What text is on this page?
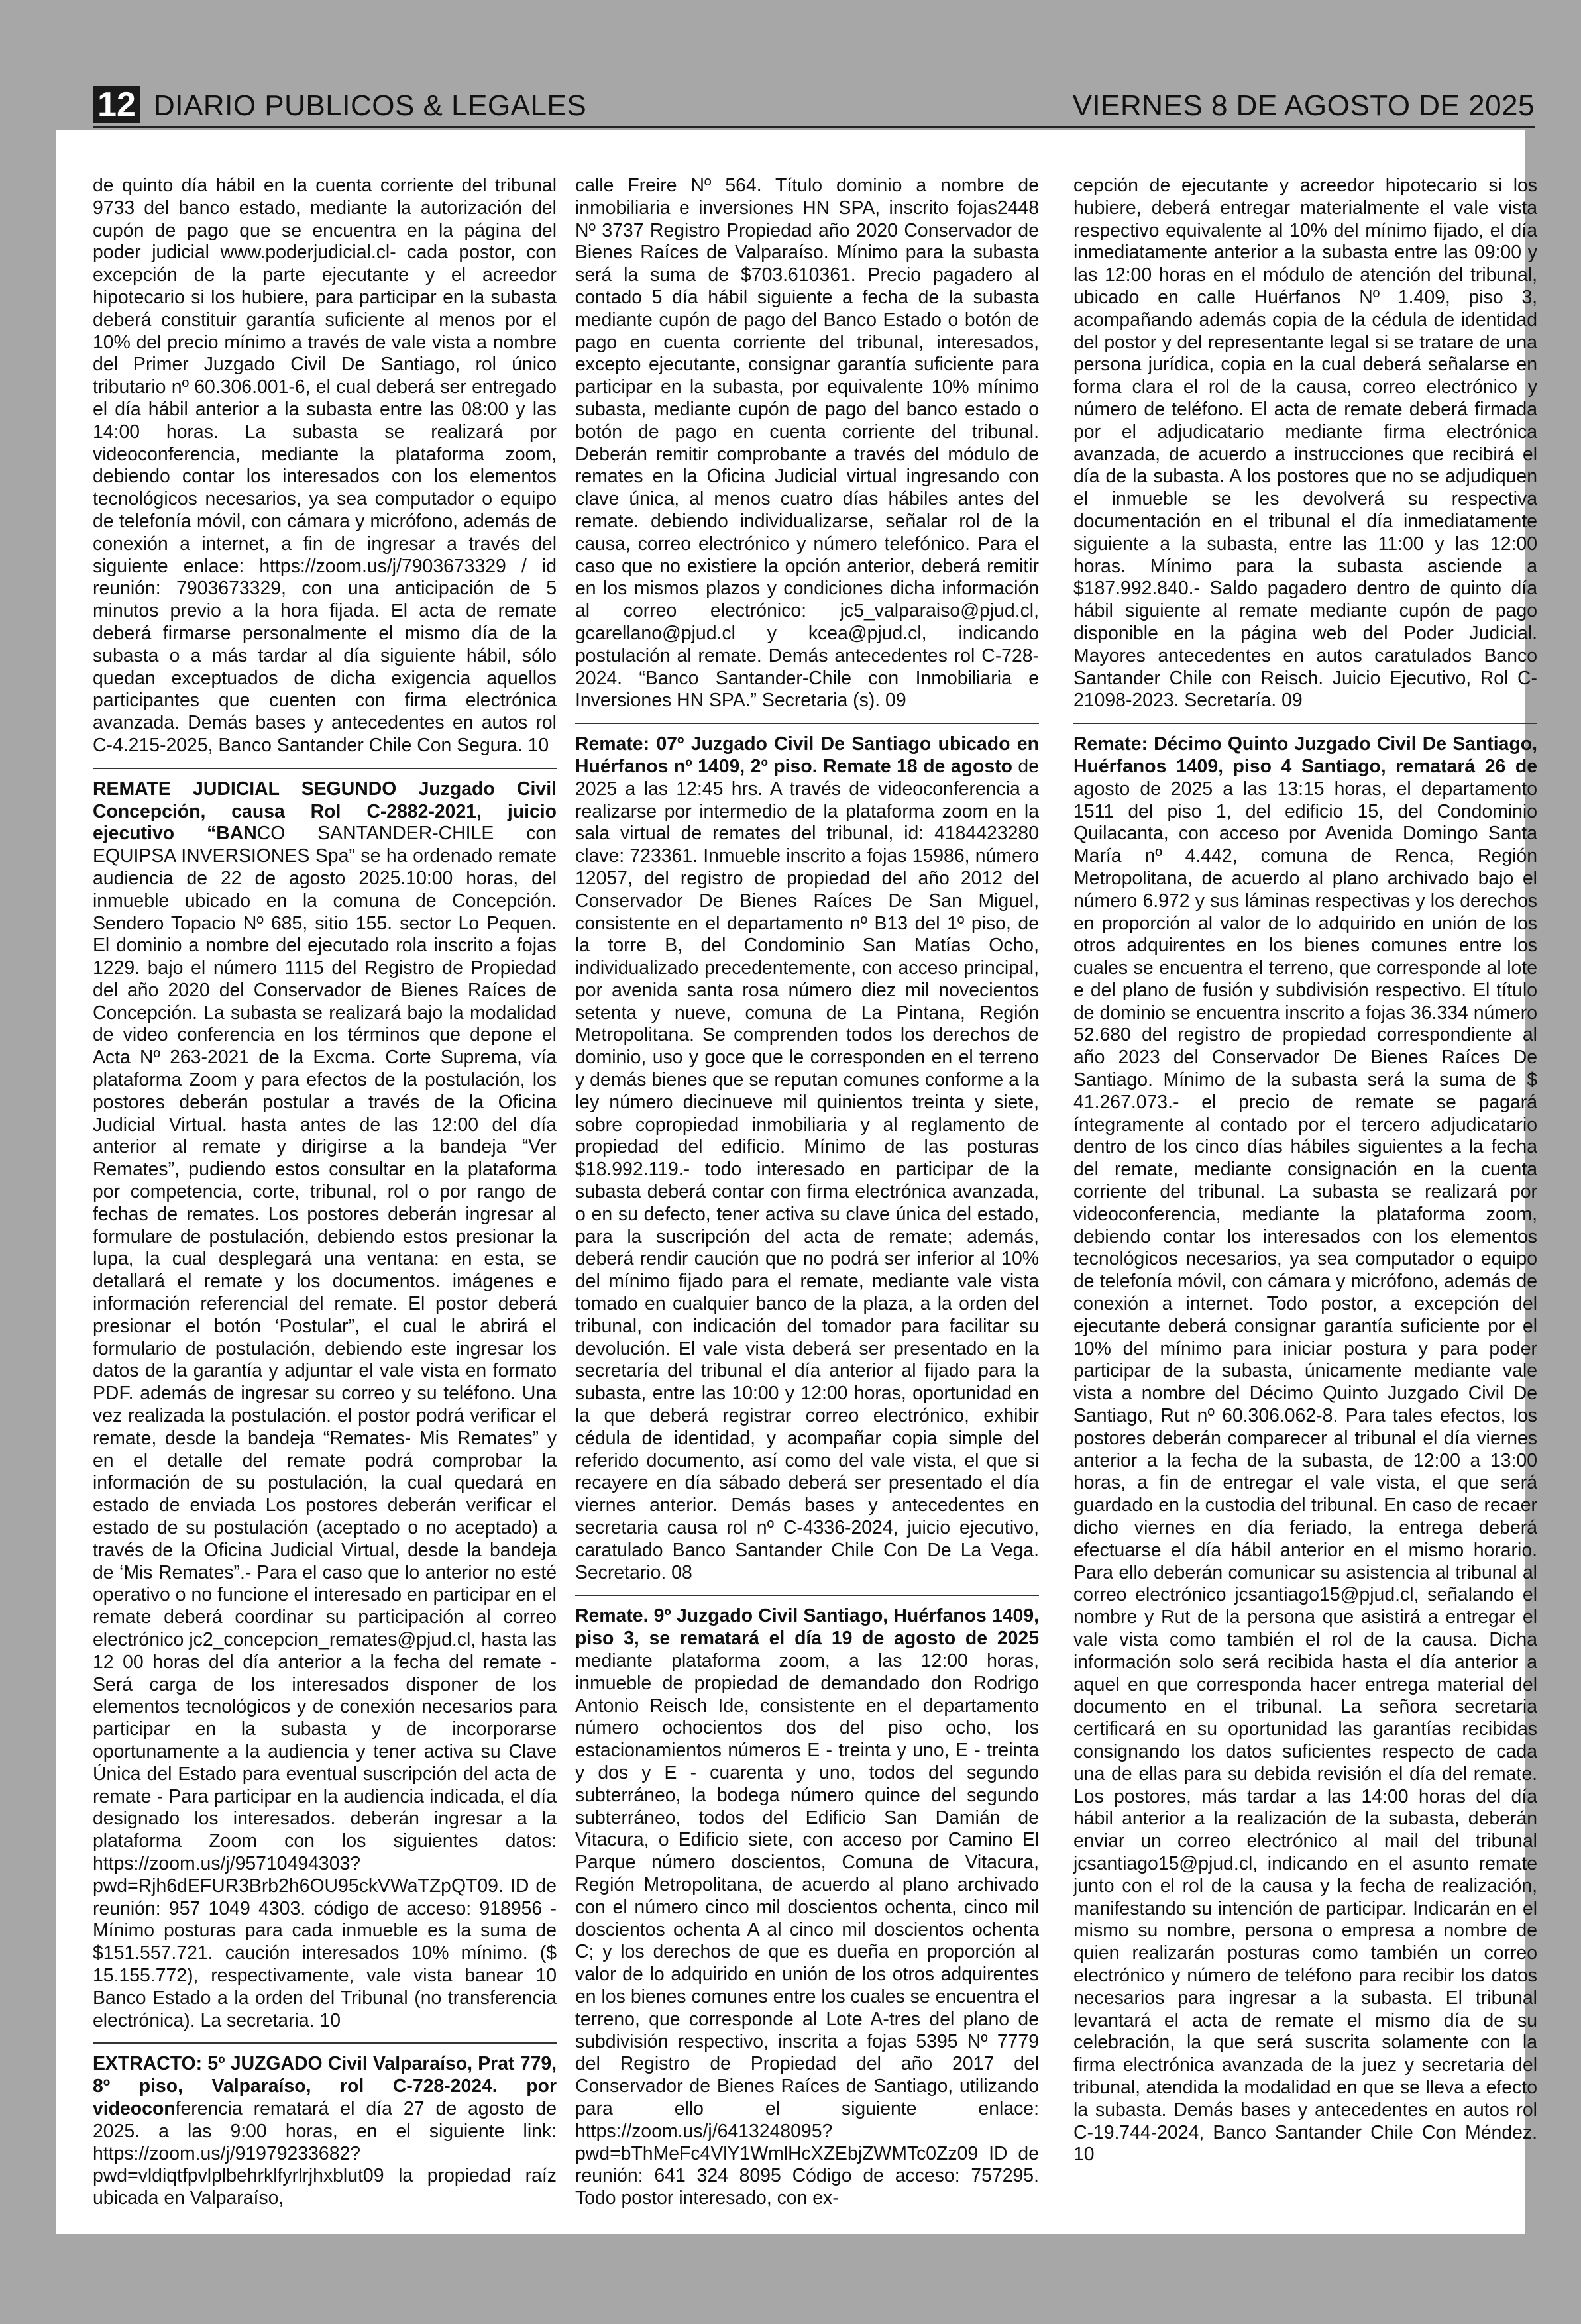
12 DIARIO PUBLICOS & LEGALES	VIERNES 8 DE AGOSTO DE 2025

de quinto día hábil en la cuenta corriente del tribunal 9733 del banco estado, mediante la autorización del cupón de pago que se encuentra en la página del poder judicial www.poderjudicial.cl- cada postor, con excepción de la parte ejecutante y el acreedor hipotecario si los hubiere, para participar en la subasta deberá constituir garantía suficiente al menos por el 10% del precio mínimo a través de vale vista a nombre del Primer Juzgado Civil De Santiago, rol único tributario nº 60.306.001-6, el cual deberá ser entregado el día hábil anterior a la subasta entre las 08:00 y las 14:00 horas. La subasta se realizará por videoconferencia, mediante la plataforma zoom, debiendo contar los interesados con los elementos tecnológicos necesarios, ya sea computador o equipo de telefonía móvil, con cámara y micrófono, además de conexión a internet, a fin de ingresar a través del siguiente enlace: https://zoom.us/j/7903673329 / id reunión: 7903673329, con una anticipación de 5 minutos previo a la hora fijada. El acta de remate deberá firmarse personalmente el mismo día de la subasta o a más tardar al día siguiente hábil, sólo quedan exceptuados de dicha exigencia aquellos participantes que cuenten con firma electrónica avanzada. Demás bases y antecedentes en autos rol C-4.215-2025, Banco Santander Chile Con Segura. 10

REMATE JUDICIAL SEGUNDO Juzgado Civil Concepción, causa Rol C-2882-2021, juicio ejecutivo “BANCO SANTANDER-CHILE con EQUIPSA INVERSIONES Spa” se ha ordenado remate audiencia de 22 de agosto 2025.10:00 horas, del inmueble ubicado en la comuna de Concepción. Sendero Topacio Nº 685, sitio 155. sector Lo Pequen. El dominio a nombre del ejecutado rola inscrito a fojas 1229. bajo el número 1115 del Registro de Propiedad del año 2020 del Conservador de Bienes Raíces de Concepción. La subasta se realizará bajo la modalidad de video conferencia en los términos que depone el Acta Nº 263-2021 de la Excma. Corte Suprema, vía plataforma Zoom y para efectos de la postulación, los postores deberán postular a través de la Oficina Judicial Virtual. hasta antes de las 12:00 del día anterior al remate y dirigirse a la bandeja “Ver Remates”, pudiendo estos consultar en la plataforma por competencia, corte, tribunal, rol o por rango de fechas de remates. Los postores deberán ingresar al formulare de postulación, debiendo estos presionar la lupa, la cual desplegará una ventana: en esta, se detallará el remate y los documentos. imágenes e información referencial del remate. El postor deberá presionar el botón ‘Postular”, el cual le abrirá el formulario de postulación, debiendo este ingresar los datos de la garantía y adjuntar el vale vista en formato PDF. además de ingresar su correo y su teléfono. Una vez realizada la postulación. el postor podrá verificar el remate, desde la bandeja “Remates- Mis Remates” y en el detalle del remate podrá comprobar la información de su postulación, la cual quedará en estado de enviada Los postores deberán verificar el estado de su postulación (aceptado o no aceptado) a través de la Oficina Judicial Virtual, desde la bandeja de ‘Mis Remates”.- Para el caso que lo anterior no esté operativo o no funcione el interesado en participar en el remate deberá coordinar su participación al correo electrónico jc2_concepcion_remates@pjud.cl, hasta las 12 00 horas del día anterior a la fecha del remate - Será carga de los interesados disponer de los elementos tecnológicos y de conexión necesarios para participar en la subasta y de incorporarse oportunamente a la audiencia y tener activa su Clave Única del Estado para eventual suscripción del acta de remate - Para participar en la audiencia indicada, el día designado los interesados. deberán ingresar a la plataforma Zoom con los siguientes datos: https://zoom.us/j/95710494303?pwd=Rjh6dEFUR3Brb2h6OU95ckVWaTZpQT09. ID de reunión: 957 1049 4303. código de acceso: 918956 - Mínimo posturas para cada inmueble es la suma de $151.557.721. caución interesados 10% mínimo. ($ 15.155.772), respectivamente, vale vista banear 10 Banco Estado a la orden del Tribunal (no transferencia electrónica). La secretaria. 10

EXTRACTO: 5º JUZGADO Civil Valparaíso, Prat 779, 8º piso, Valparaíso, rol C-728-2024. por videoconferencia rematará el día 27 de agosto de 2025. a las 9:00 horas, en el siguiente link: https://zoom.us/j/91979233682?pwd=vldiqtfpvlplbehrklfyrlrjhxblut09 la propiedad raíz ubicada en Valparaíso,

calle Freire Nº 564. Título dominio a nombre de inmobiliaria e inversiones HN SPA, inscrito fojas2448 Nº 3737 Registro Propiedad año 2020 Conservador de Bienes Raíces de Valparaíso. Mínimo para la subasta será la suma de $703.610361. Precio pagadero al contado 5 día hábil siguiente a fecha de la subasta mediante cupón de pago del Banco Estado o botón de pago en cuenta corriente del tribunal, interesados, excepto ejecutante, consignar garantía suficiente para participar en la subasta, por equivalente 10% mínimo subasta, mediante cupón de pago del banco estado o botón de pago en cuenta corriente del tribunal. Deberán remitir comprobante a través del módulo de remates en la Oficina Judicial virtual ingresando con clave única, al menos cuatro días hábiles antes del remate. debiendo individualizarse, señalar rol de la causa, correo electrónico y número telefónico. Para el caso que no existiere la opción anterior, deberá remitir en los mismos plazos y condiciones dicha información al correo electrónico: jc5_valparaiso@pjud.cl, gcarellano@pjud.cl y kcea@pjud.cl, indicando postulación al remate. Demás antecedentes rol C-728-2024. “Banco Santander-Chile con Inmobiliaria e Inversiones HN SPA.” Secretaria (s). 09

Remate: 07º Juzgado Civil De Santiago ubicado en Huérfanos nº 1409, 2º piso. Remate 18 de agosto de 2025 a las 12:45 hrs. A través de videoconferencia a realizarse por intermedio de la plataforma zoom en la sala virtual de remates del tribunal, id: 4184423280 clave: 723361. Inmueble inscrito a fojas 15986, número 12057, del registro de propiedad del año 2012 del Conservador De Bienes Raíces De San Miguel, consistente en el departamento nº B13 del 1º piso, de la torre B, del Condominio San Matías Ocho, individualizado precedentemente, con acceso principal, por avenida santa rosa número diez mil novecientos setenta y nueve, comuna de La Pintana, Región Metropolitana. Se comprenden todos los derechos de dominio, uso y goce que le corresponden en el terreno y demás bienes que se reputan comunes conforme a la ley número diecinueve mil quinientos treinta y siete, sobre copropiedad inmobiliaria y al reglamento de propiedad del edificio. Mínimo de las posturas $18.992.119.- todo interesado en participar de la subasta deberá contar con firma electrónica avanzada, o en su defecto, tener activa su clave única del estado, para la suscripción del acta de remate; además, deberá rendir caución que no podrá ser inferior al 10% del mínimo fijado para el remate, mediante vale vista tomado en cualquier banco de la plaza, a la orden del tribunal, con indicación del tomador para facilitar su devolución. El vale vista deberá ser presentado en la secretaría del tribunal el día anterior al fijado para la subasta, entre las 10:00 y 12:00 horas, oportunidad en la que deberá registrar correo electrónico, exhibir cédula de identidad, y acompañar copia simple del referido documento, así como del vale vista, el que si recayere en día sábado deberá ser presentado el día viernes anterior. Demás bases y antecedentes en secretaria causa rol nº C-4336-2024, juicio ejecutivo, caratulado Banco Santander Chile Con De La Vega. Secretario. 08

Remate. 9º Juzgado Civil Santiago, Huérfanos 1409, piso 3, se rematará el día 19 de agosto de 2025 mediante plataforma zoom, a las 12:00 horas, inmueble de propiedad de demandado don Rodrigo Antonio Reisch Ide, consistente en el departamento número ochocientos dos del piso ocho, los estacionamientos números E - treinta y uno, E - treinta y dos y E - cuarenta y uno, todos del segundo subterráneo, la bodega número quince del segundo subterráneo, todos del Edificio San Damián de Vitacura, o Edificio siete, con acceso por Camino El Parque número doscientos, Comuna de Vitacura, Región Metropolitana, de acuerdo al plano archivado con el número cinco mil doscientos ochenta, cinco mil doscientos ochenta A al cinco mil doscientos ochenta C; y los derechos de que es dueña en proporción al valor de lo adquirido en unión de los otros adquirentes en los bienes comunes entre los cuales se encuentra el terreno, que corresponde al Lote A-tres del plano de subdivisión respectivo, inscrita a fojas 5395 Nº 7779 del Registro de Propiedad del año 2017 del Conservador de Bienes Raíces de Santiago, utilizando para ello el siguiente enlace: https://zoom.us/j/6413248095?pwd=bThMeFc4VlY1WmlHcXZEbjZWMTc0Zz09 ID de reunión: 641 324 8095 Código de acceso: 757295. Todo postor interesado, con ex-

cepción de ejecutante y acreedor hipotecario si los hubiere, deberá entregar materialmente el vale vista respectivo equivalente al 10% del mínimo fijado, el día inmediatamente anterior a la subasta entre las 09:00 y las 12:00 horas en el módulo de atención del tribunal, ubicado en calle Huérfanos Nº 1.409, piso 3, acompañando además copia de la cédula de identidad del postor y del representante legal si se tratare de una persona jurídica, copia en la cual deberá señalarse en forma clara el rol de la causa, correo electrónico y número de teléfono. El acta de remate deberá firmada por el adjudicatario mediante firma electrónica avanzada, de acuerdo a instrucciones que recibirá el día de la subasta. A los postores que no se adjudiquen el inmueble se les devolverá su respectiva documentación en el tribunal el día inmediatamente siguiente a la subasta, entre las 11:00 y las 12:00 horas. Mínimo para la subasta asciende a $187.992.840.- Saldo pagadero dentro de quinto día hábil siguiente al remate mediante cupón de pago disponible en la página web del Poder Judicial. Mayores antecedentes en autos caratulados Banco Santander Chile con Reisch. Juicio Ejecutivo, Rol C-21098-2023. Secretaría. 09

Remate: Décimo Quinto Juzgado Civil De Santiago, Huérfanos 1409, piso 4 Santiago, rematará 26 de agosto de 2025 a las 13:15 horas, el departamento 1511 del piso 1, del edificio 15, del Condominio Quilacanta, con acceso por Avenida Domingo Santa María nº 4.442, comuna de Renca, Región Metropolitana, de acuerdo al plano archivado bajo el número 6.972 y sus láminas respectivas y los derechos en proporción al valor de lo adquirido en unión de los otros adquirentes en los bienes comunes entre los cuales se encuentra el terreno, que corresponde al lote e del plano de fusión y subdivisión respectivo. El título de dominio se encuentra inscrito a fojas 36.334 número 52.680 del registro de propiedad correspondiente al año 2023 del Conservador De Bienes Raíces De Santiago. Mínimo de la subasta será la suma de $ 41.267.073.- el precio de remate se pagará íntegramente al contado por el tercero adjudicatario dentro de los cinco días hábiles siguientes a la fecha del remate, mediante consignación en la cuenta corriente del tribunal. La subasta se realizará por videoconferencia, mediante la plataforma zoom, debiendo contar los interesados con los elementos tecnológicos necesarios, ya sea computador o equipo de telefonía móvil, con cámara y micrófono, además de conexión a internet. Todo postor, a excepción del ejecutante deberá consignar garantía suficiente por el 10% del mínimo para iniciar postura y para poder participar de la subasta, únicamente mediante vale vista a nombre del Décimo Quinto Juzgado Civil De Santiago, Rut nº 60.306.062-8. Para tales efectos, los postores deberán comparecer al tribunal el día viernes anterior a la fecha de la subasta, de 12:00 a 13:00 horas, a fin de entregar el vale vista, el que será guardado en la custodia del tribunal. En caso de recaer dicho viernes en día feriado, la entrega deberá efectuarse el día hábil anterior en el mismo horario. Para ello deberán comunicar su asistencia al tribunal al correo electrónico jcsantiago15@pjud.cl, señalando el nombre y Rut de la persona que asistirá a entregar el vale vista como también el rol de la causa. Dicha información solo será recibida hasta el día anterior a aquel en que corresponda hacer entrega material del documento en el tribunal. La señora secretaria certificará en su oportunidad las garantías recibidas consignando los datos suficientes respecto de cada una de ellas para su debida revisión el día del remate. Los postores, más tardar a las 14:00 horas del día hábil anterior a la realización de la subasta, deberán enviar un correo electrónico al mail del tribunal jcsantiago15@pjud.cl, indicando en el asunto remate junto con el rol de la causa y la fecha de realización, manifestando su intención de participar. Indicarán en el mismo su nombre, persona o empresa a nombre de quien realizarán posturas como también un correo electrónico y número de teléfono para recibir los datos necesarios para ingresar a la subasta. El tribunal levantará el acta de remate el mismo día de su celebración, la que será suscrita solamente con la firma electrónica avanzada de la juez y secretaria del tribunal, atendida la modalidad en que se lleva a efecto la subasta. Demás bases y antecedentes en autos rol C-19.744-2024, Banco Santander Chile Con Méndez. 10
